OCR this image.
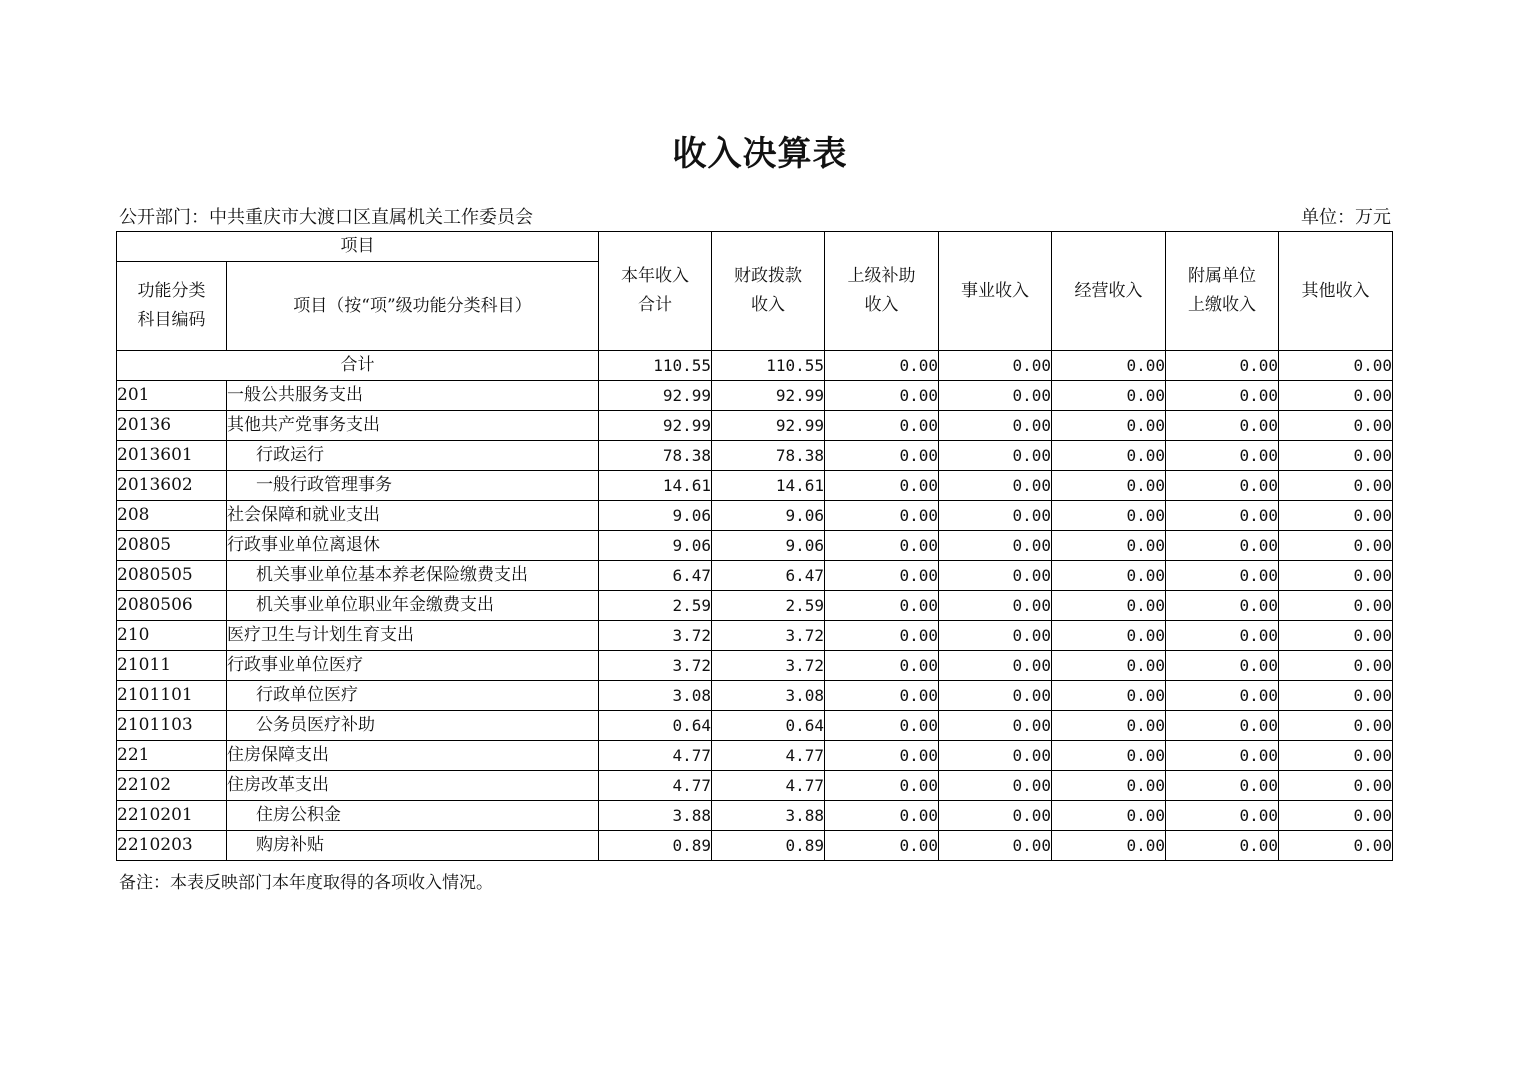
收入决算表
公开部门：中共重庆市大渡口区直属机关工作委员会	单位：万元
项目		本年收入合计	财政拨款收入	上级补助收入	事业收入	经营收入	附属单位上缴收入	其他收入

功能分类科目编码	项目（按“项”级功能分类科目）							
合计		110.55	110.55	0.00	0.00	0.00	0.00	0.00
201	一般公共服务支出	92.99	92.99	0.00	0.00	0.00	0.00	0.00
20136	其他共产党事务支出	92.99	92.99	0.00	0.00	0.00	0.00	0.00
2013601	行政运行	78.38	78.38	0.00	0.00	0.00	0.00	0.00
2013602	一般行政管理事务	14.61	14.61	0.00	0.00	0.00	0.00	0.00
208	社会保障和就业支出	9.06	9.06	0.00	0.00	0.00	0.00	0.00
20805	行政事业单位离退休	9.06	9.06	0.00	0.00	0.00	0.00	0.00
2080505	机关事业单位基本养老保险缴费支出	6.47	6.47	0.00	0.00	0.00	0.00	0.00
2080506	机关事业单位职业年金缴费支出	2.59	2.59	0.00	0.00	0.00	0.00	0.00
210	医疗卫生与计划生育支出	3.72	3.72	0.00	0.00	0.00	0.00	0.00
21011	行政事业单位医疗	3.72	3.72	0.00	0.00	0.00	0.00	0.00
2101101	行政单位医疗	3.08	3.08	0.00	0.00	0.00	0.00	0.00
2101103	公务员医疗补助	0.64	0.64	0.00	0.00	0.00	0.00	0.00
221	住房保障支出	4.77	4.77	0.00	0.00	0.00	0.00	0.00
22102	住房改革支出	4.77	4.77	0.00	0.00	0.00	0.00	0.00
2210201	住房公积金	3.88	3.88	0.00	0.00	0.00	0.00	0.00
2210203	购房补贴	0.89	0.89	0.00	0.00	0.00	0.00	0.00
备注：本表反映部门本年度取得的各项收入情况。
